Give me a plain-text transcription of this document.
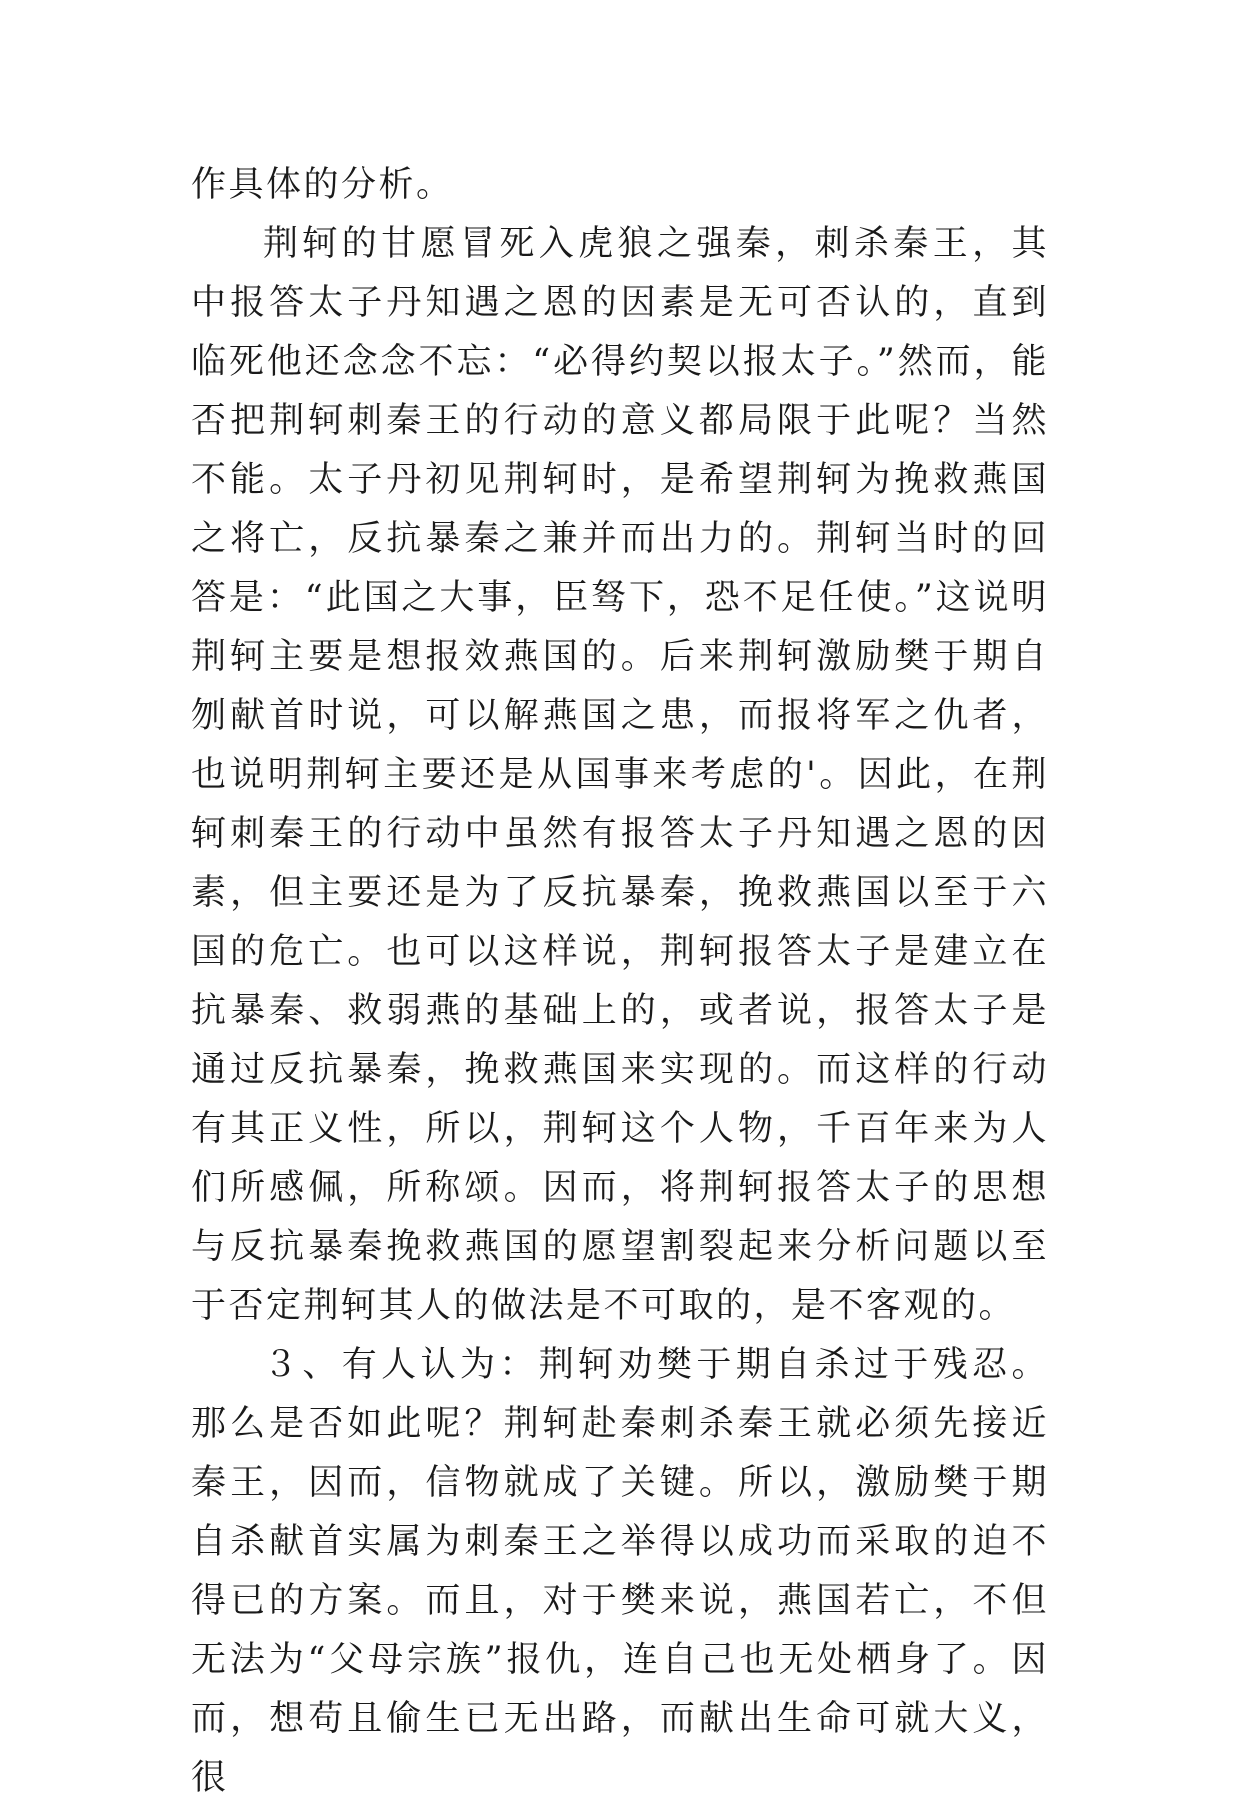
作具体的分析。

荆轲的甘愿冒死入虎狼之强秦，刺杀秦王，其中报答太子丹知遇之恩的因素是无可否认的，直到临死他还念念不忘：“必得约契以报太子。”然而，能否把荆轲刺秦王的行动的意义都局限于此呢？当然不能。太子丹初见荆轲时，是希望荆轲为挽救燕国之将亡，反抗暴秦之兼并而出力的。荆轲当时的回答是：“此国之大事，臣驽下，恐不足任使。”这说明荆轲主要是想报效燕国的。后来荆轲激励樊于期自刎献首时说，可以解燕国之患，而报将军之仇者，也说明荆轲主要还是从国事来考虑的'。因此，在荆轲刺秦王的行动中虽然有报答太子丹知遇之恩的因素，但主要还是为了反抗暴秦，挽救燕国以至于六国的危亡。也可以这样说，荆轲报答太子是建立在抗暴秦、救弱燕的基础上的，或者说，报答太子是通过反抗暴秦，挽救燕国来实现的。而这样的行动有其正义性，所以，荆轲这个人物，千百年来为人们所感佩，所称颂。因而，将荆轲报答太子的思想与反抗暴秦挽救燕国的愿望割裂起来分析问题以至于否定荆轲其人的做法是不可取的，是不客观的。

３、有人认为：荆轲劝樊于期自杀过于残忍。那么是否如此呢？荆轲赴秦刺杀秦王就必须先接近秦王，因而，信物就成了关键。所以，激励樊于期自杀献首实属为刺秦王之举得以成功而采取的迫不得已的方案。而且，对于樊来说，燕国若亡，不但无法为“父母宗族”报仇，连自己也无处栖身了。因而，想苟且偷生已无出路，而献出生命可就大义，很
